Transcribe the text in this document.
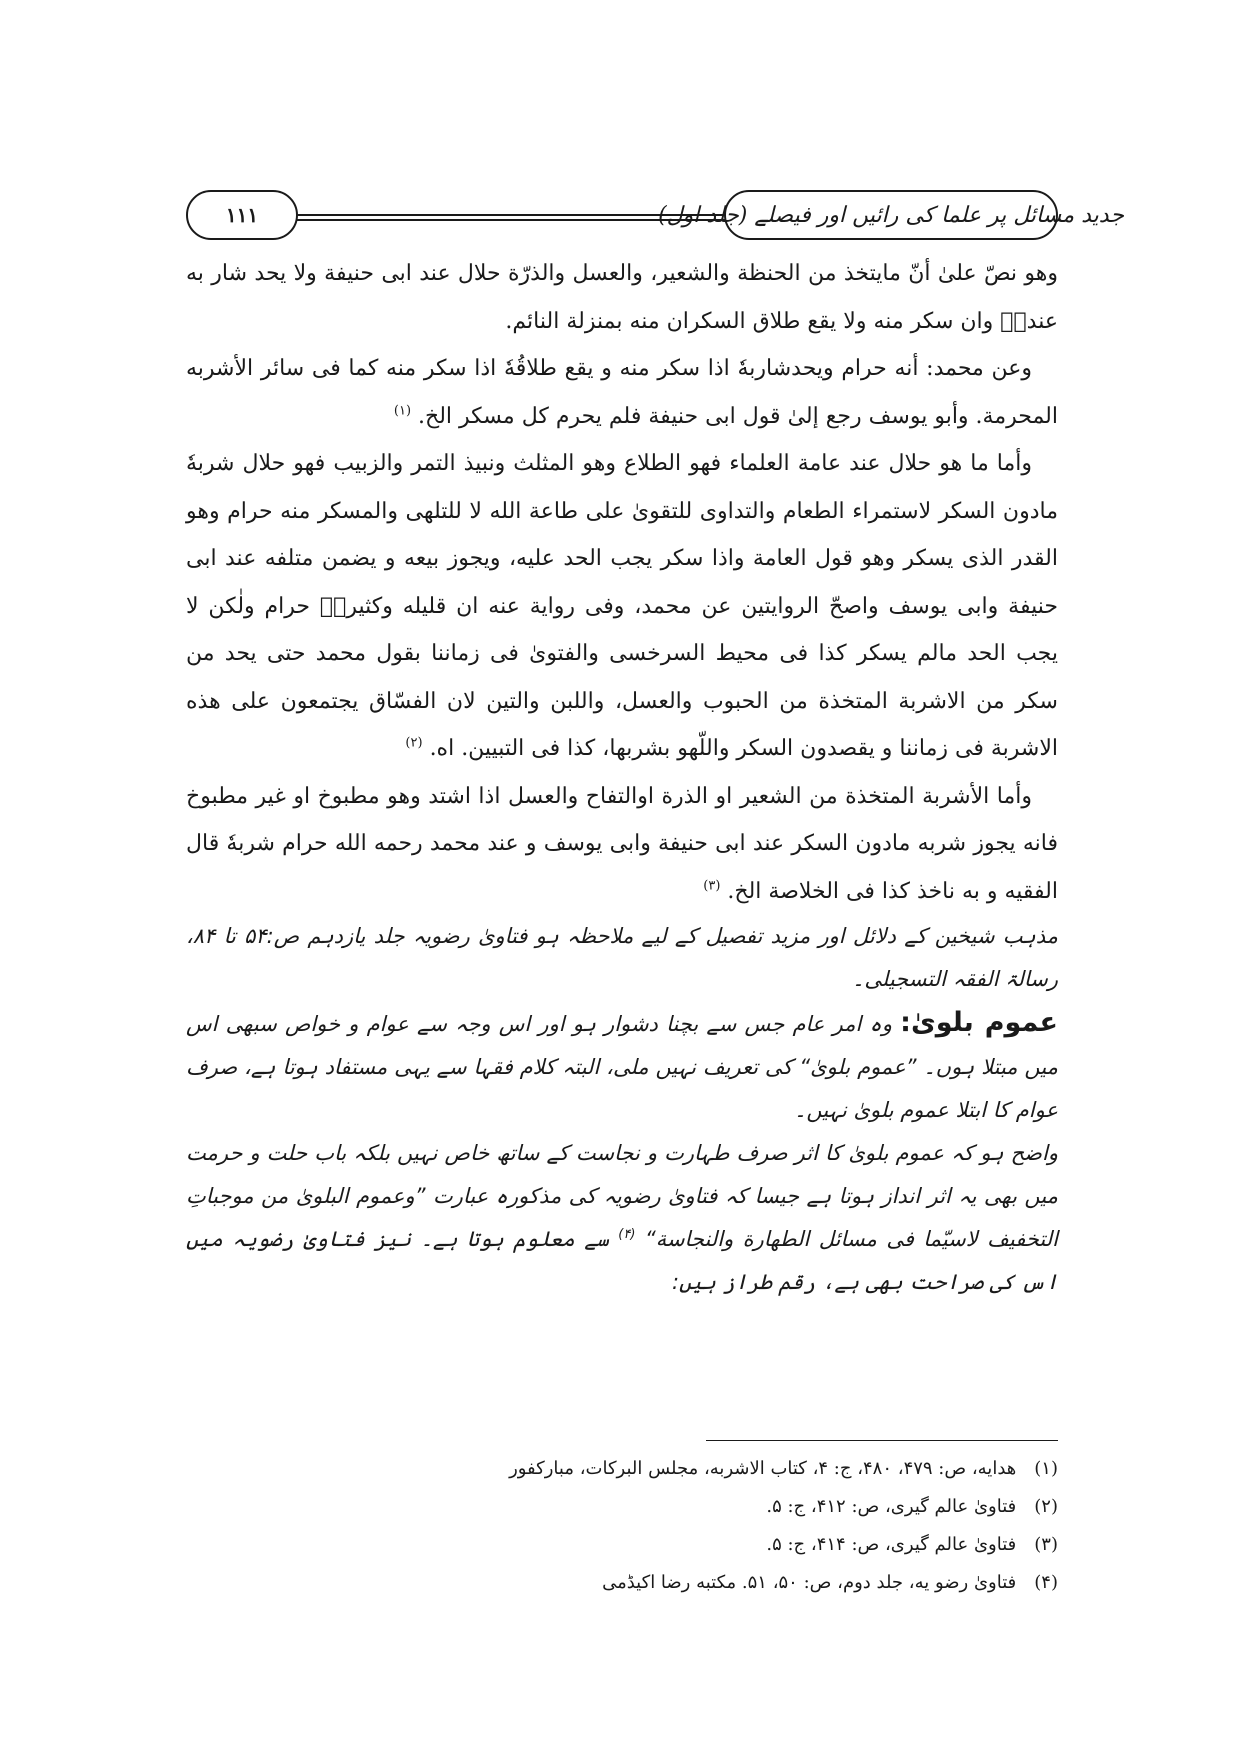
جدید مسائل پر علما کی رائیں اور فیصلے (جلد اول)
۱۱۱

وهو نصّ علیٰ أنّ مایتخذ من الحنظة والشعیر، والعسل والذرّة حلال عند ابی حنیفة ولا یحد شار به عندہٗ وان سکر منه ولا یقع طلاق السکران منه بمنزلة النائم.

وعن محمد: أنه حرام ویحدشاربهٗ اذا سکر منه و یقع طلاقُهٗ اذا سکر منه کما فی سائر الأشربه المحرمة. وأبو یوسف رجع إلیٰ قول ابی حنیفة فلم یحرم کل مسکر الخ. $^{(۱)}$

وأما ما هو حلال عند عامة العلماء فهو الطلاع وهو المثلث ونبیذ التمر والزبیب فهو حلال شربهٗ مادون السکر لاستمراء الطعام والتداوی للتقویٰ علی طاعة الله لا للتلهی والمسکر منه حرام وهو القدر الذی یسکر وهو قول العامة واذا سکر یجب الحد علیه، ویجوز بیعه و یضمن متلفه عند ابی حنیفة وابی یوسف واصحّ الروایتین عن محمد، وفی روایة عنه ان قلیله وکثیرہٗ حرام ولٰکن لا یجب الحد مالم یسکر کذا فی محیط السرخسی والفتویٰ فی زماننا بقول محمد حتی یحد من سکر من الاشربة المتخذة من الحبوب والعسل، واللبن والتین لان الفسّاق یجتمعون علی هذه الاشربة فی زماننا و یقصدون السکر واللّهو بشربها، کذا فی التبیین. اه. $^{(۲)}$

وأما الأشربة المتخذة من الشعیر او الذرة اوالتفاح والعسل اذا اشتد وهو مطبوخ او غیر مطبوخ فانه یجوز شربه مادون السکر عند ابی حنیفة وابی یوسف و عند محمد رحمه الله حرام شربهٗ قال الفقیه و به ناخذ کذا فی الخلاصة الخ. $^{(۳)}$

مذہب شیخین کے دلائل اور مزید تفصیل کے لیے ملاحظہ ہو فتاویٰ رضویہ جلد یازدہم ص:۵۴ تا ۸۴، رسالۃ الفقہ التسجیلی۔

عموم بلویٰ: وہ امر عام جس سے بچنا دشوار ہو اور اس وجہ سے عوام و خواص سبھی اس میں مبتلا ہوں۔ ”عموم بلویٰ“ کی تعریف نہیں ملی، البتہ کلام فقہا سے یہی مستفاد ہوتا ہے، صرف عوام کا ابتلا عموم بلویٰ نہیں۔

واضح ہو کہ عموم بلویٰ کا اثر صرف طہارت و نجاست کے ساتھ خاص نہیں بلکہ باب حلت و حرمت میں بھی یہ اثر انداز ہوتا ہے جیسا کہ فتاویٰ رضویہ کی مذکورہ عبارت ”وعموم البلویٰ من موجباتِ التخفیف لاسیّما فی مسائل الطهارة والنجاسة“ $^{(۴)}$ سے معلوم ہوتا ہے۔ نیز فتاویٰ رضویہ میں اس کی صراحت بھی ہے، رقم طراز ہیں:

(۱) هدایه، ص: ۴۷۹، ۴۸۰، ج: ۴، کتاب الاشربه، مجلس البرکات، مبارکفور

(۲) فتاویٰ عالم گیری، ص: ۴۱۲، ج: ۵.

(۳) فتاویٰ عالم گیری، ص: ۴۱۴، ج: ۵.

(۴) فتاویٰ رضو یه، جلد دوم، ص: ۵۰، ۵۱. مکتبه رضا اکیڈمی
